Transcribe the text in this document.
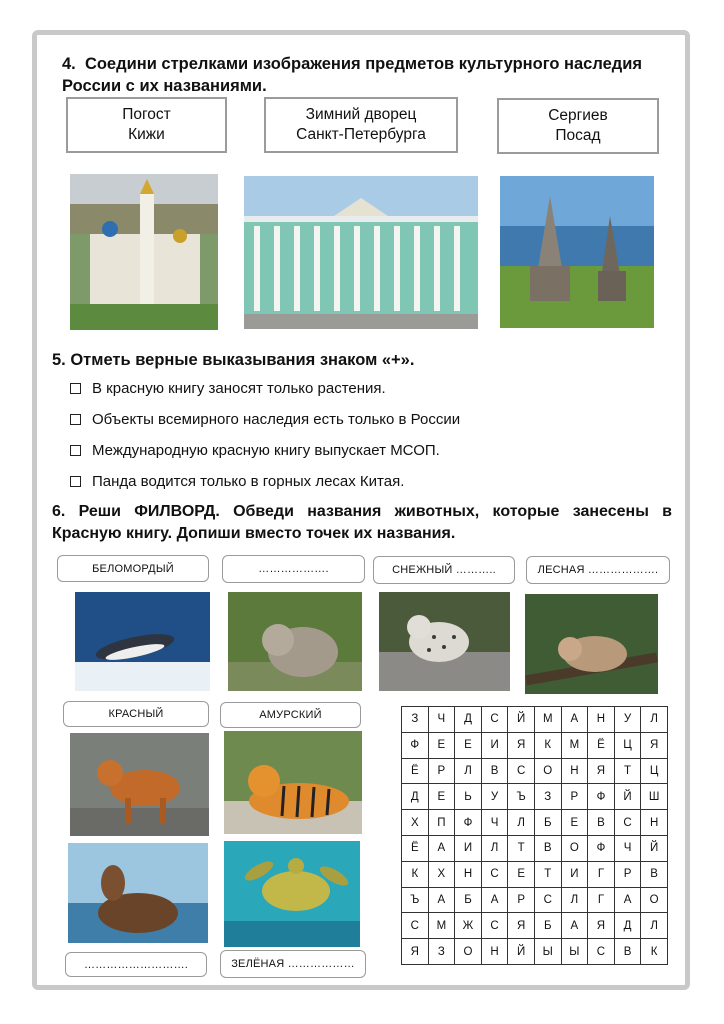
4. Соедини стрелками изображения предметов культурного наследия России с их названиями.
Погост
Кижи
Зимний дворец
Санкт-Петербурга
Сергиев
Посад
5. Отметь верные выказывания знаком «+».
В красную книгу заносят только растения.
Объекты всемирного наследия есть только в России
Международную красную книгу выпускает МСОП.
Панда водится только в горных лесах Китая.
6. Реши ФИЛВОРД. Обведи названия животных, которые занесены в Красную книгу. Допиши вместо точек их названия.
БЕЛОМОРДЫЙ	……………….	СНЕЖНЫЙ ………..	ЛЕСНАЯ ……………….
КРАСНЫЙ	АМУРСКИЙ
……………………….	ЗЕЛЁНАЯ ………………
З	Ч	Д	С	Й	М	А	Н	У	Л
Ф	Е	Е	И	Я	К	М	Ё	Ц	Я
Ё	Р	Л	В	С	О	Н	Я	Т	Ц
Д	Е	Ь	У	Ъ	З	Р	Ф	Й	Ш
Х	П	Ф	Ч	Л	Б	Е	В	С	Н
Ё	А	И	Л	Т	В	О	Ф	Ч	Й
К	Х	Н	С	Е	Т	И	Г	Р	В
Ъ	А	Б	А	Р	С	Л	Г	А	О
С	М	Ж	С	Я	Б	А	Я	Д	Л
Я	З	О	Н	Й	Ы	Ы	С	В	К
